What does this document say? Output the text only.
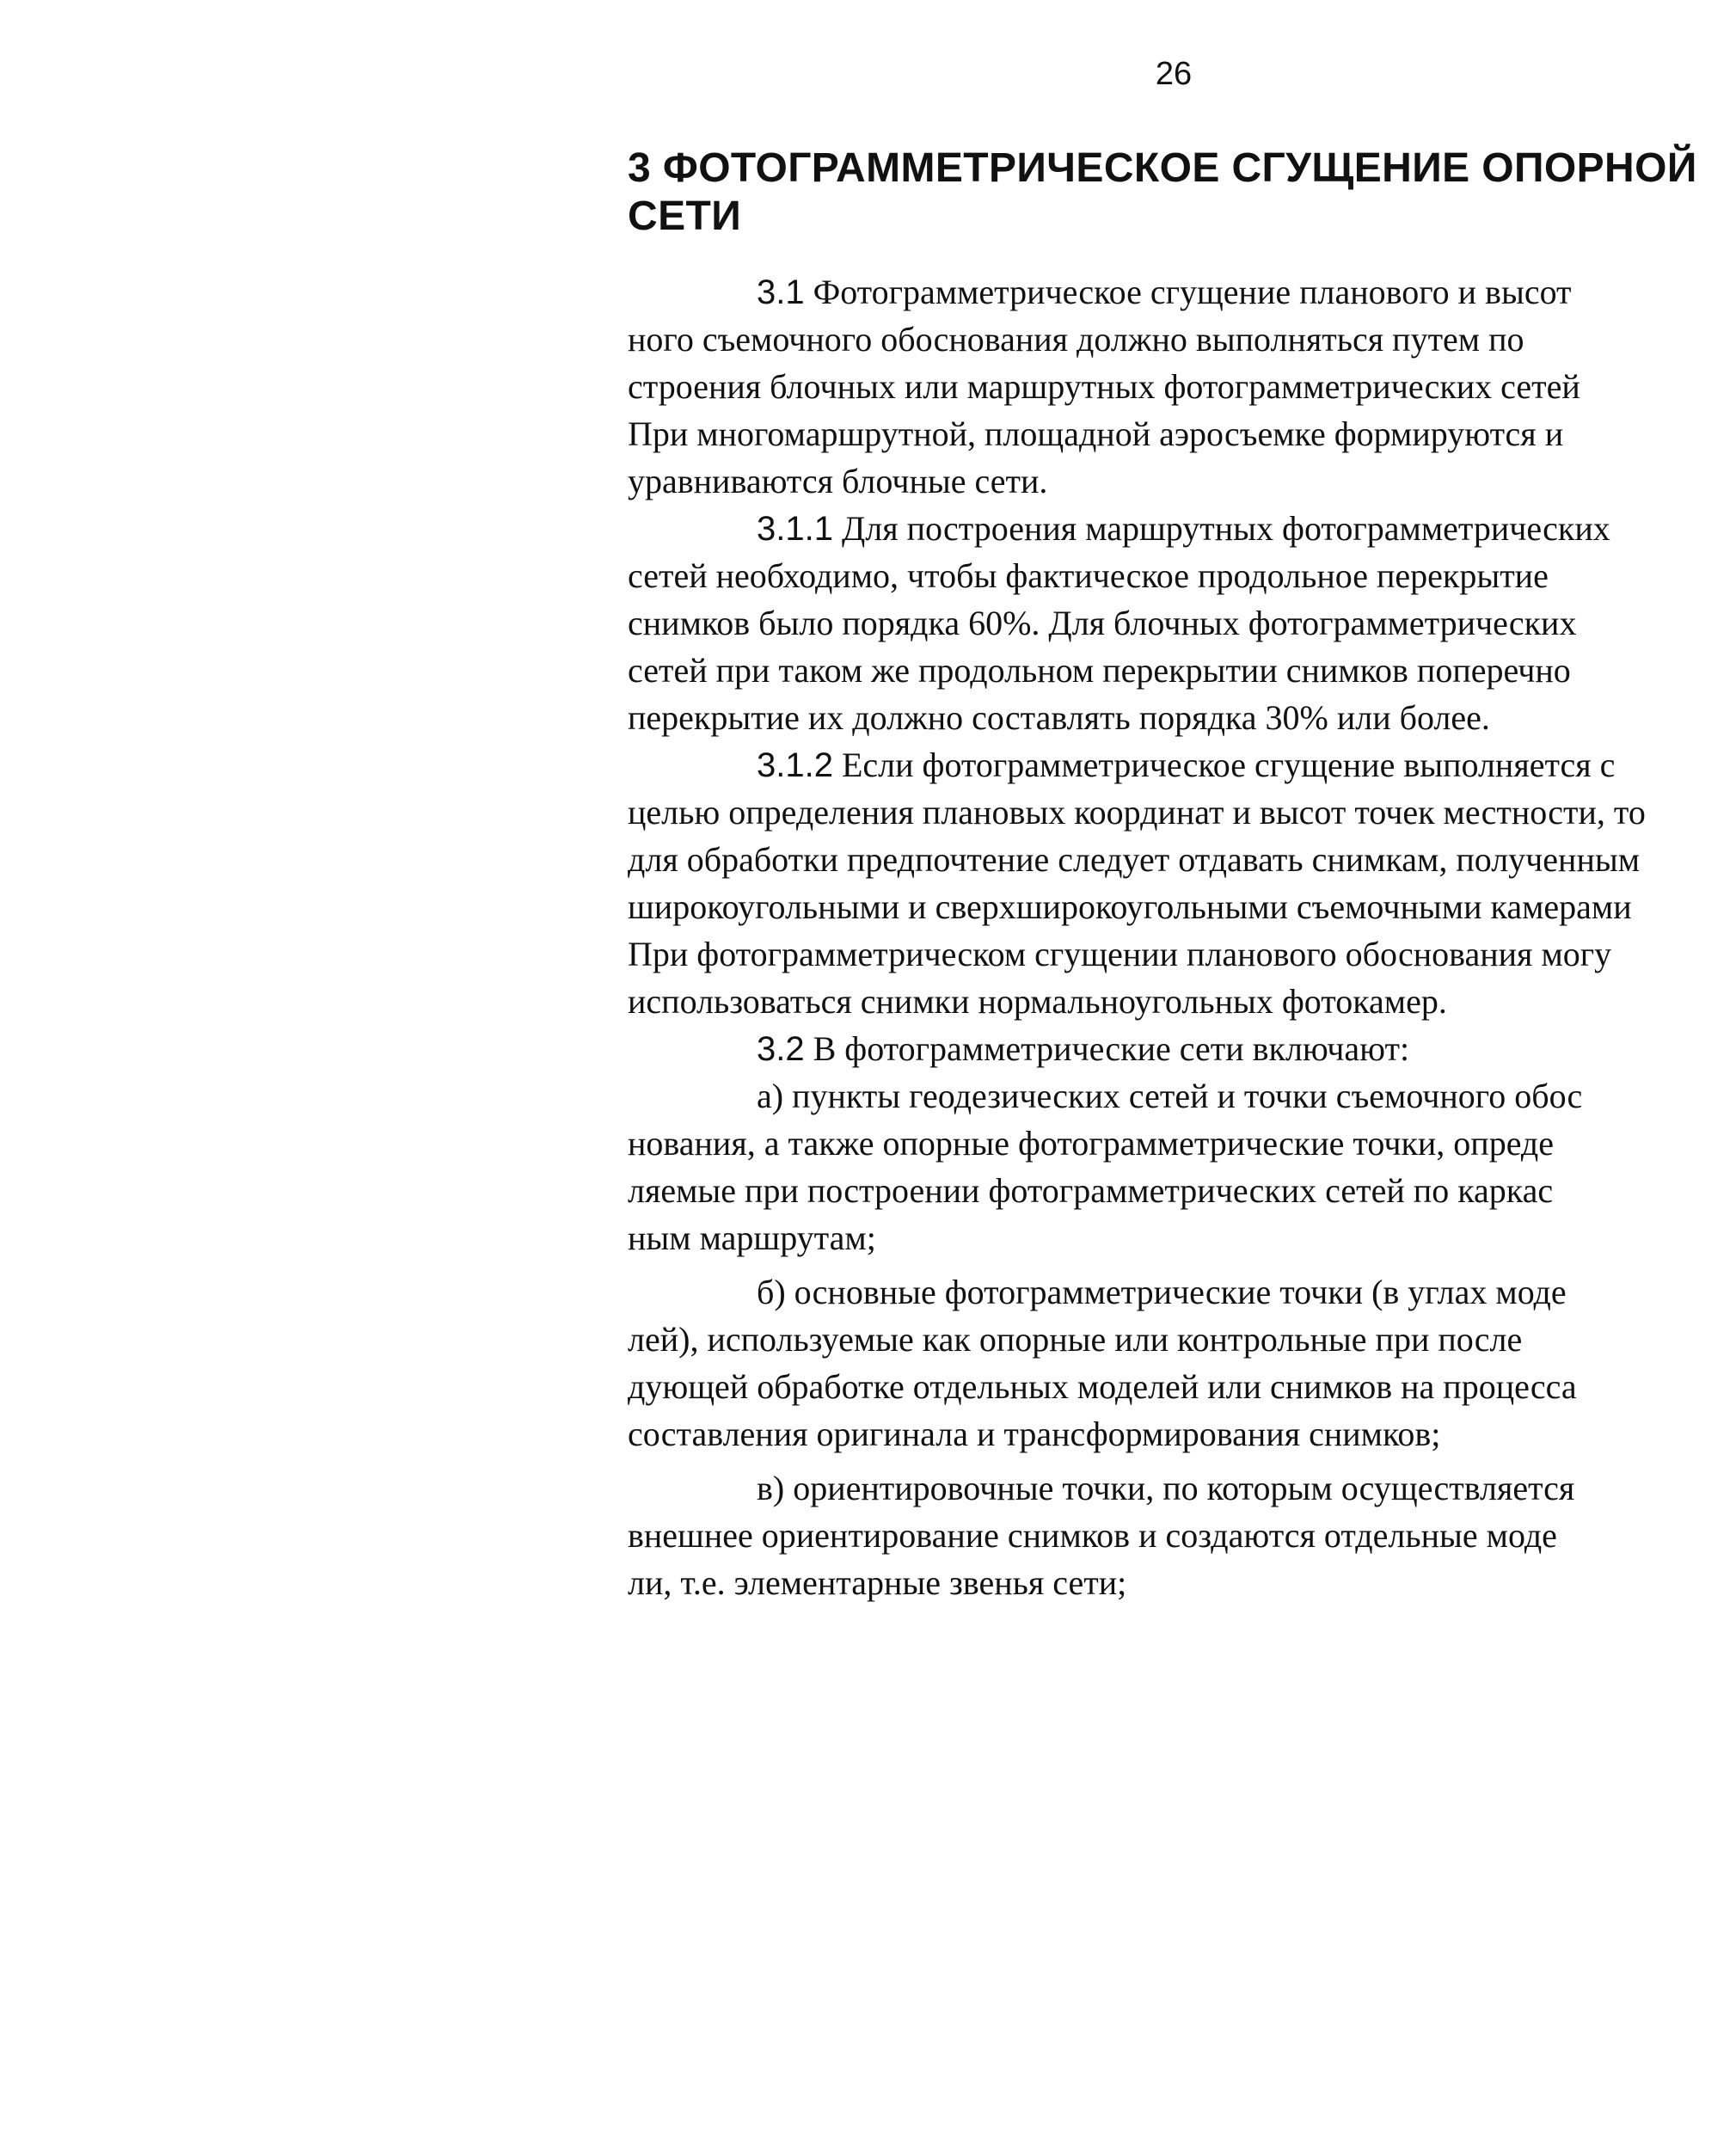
26
3 ФОТОГРАММЕТРИЧЕСКОЕ СГУЩЕНИЕ ОПОРНОЙ
СЕТИ
3.1 Фотограмметрическое сгущение планового и высот
ного съемочного обоснования должно выполняться путем по
строения блочных или маршрутных фотограмметрических сетей
При многомаршрутной, площадной аэросъемке формируются и
уравниваются блочные сети.
3.1.1 Для построения маршрутных фотограмметрических
сетей необходимо, чтобы фактическое продольное перекрытие
снимков было порядка 60%. Для блочных фотограмметрических
сетей при таком же продольном перекрытии снимков поперечно
перекрытие их должно составлять порядка 30% или более.
3.1.2 Если фотограмметрическое сгущение выполняется с
целью определения плановых координат и высот точек местности, то
для обработки предпочтение следует отдавать снимкам, полученным
широкоугольными и сверхширокоугольными съемочными камерами
При фотограмметрическом сгущении планового обоснования могу
использоваться снимки нормальноугольных фотокамер.
3.2 В фотограмметрические сети включают:
а) пункты геодезических сетей и точки съемочного обос
нования, а также опорные фотограмметрические точки, опреде
ляемые при построении фотограмметрических сетей по каркас
ным маршрутам;
б) основные фотограмметрические точки (в углах моде
лей), используемые как опорные или контрольные при после
дующей обработке отдельных моделей или снимков на процесса
составления оригинала и трансформирования снимков;
в) ориентировочные точки, по которым осуществляется
внешнее ориентирование снимков и создаются отдельные моде
ли, т.е. элементарные звенья сети;
